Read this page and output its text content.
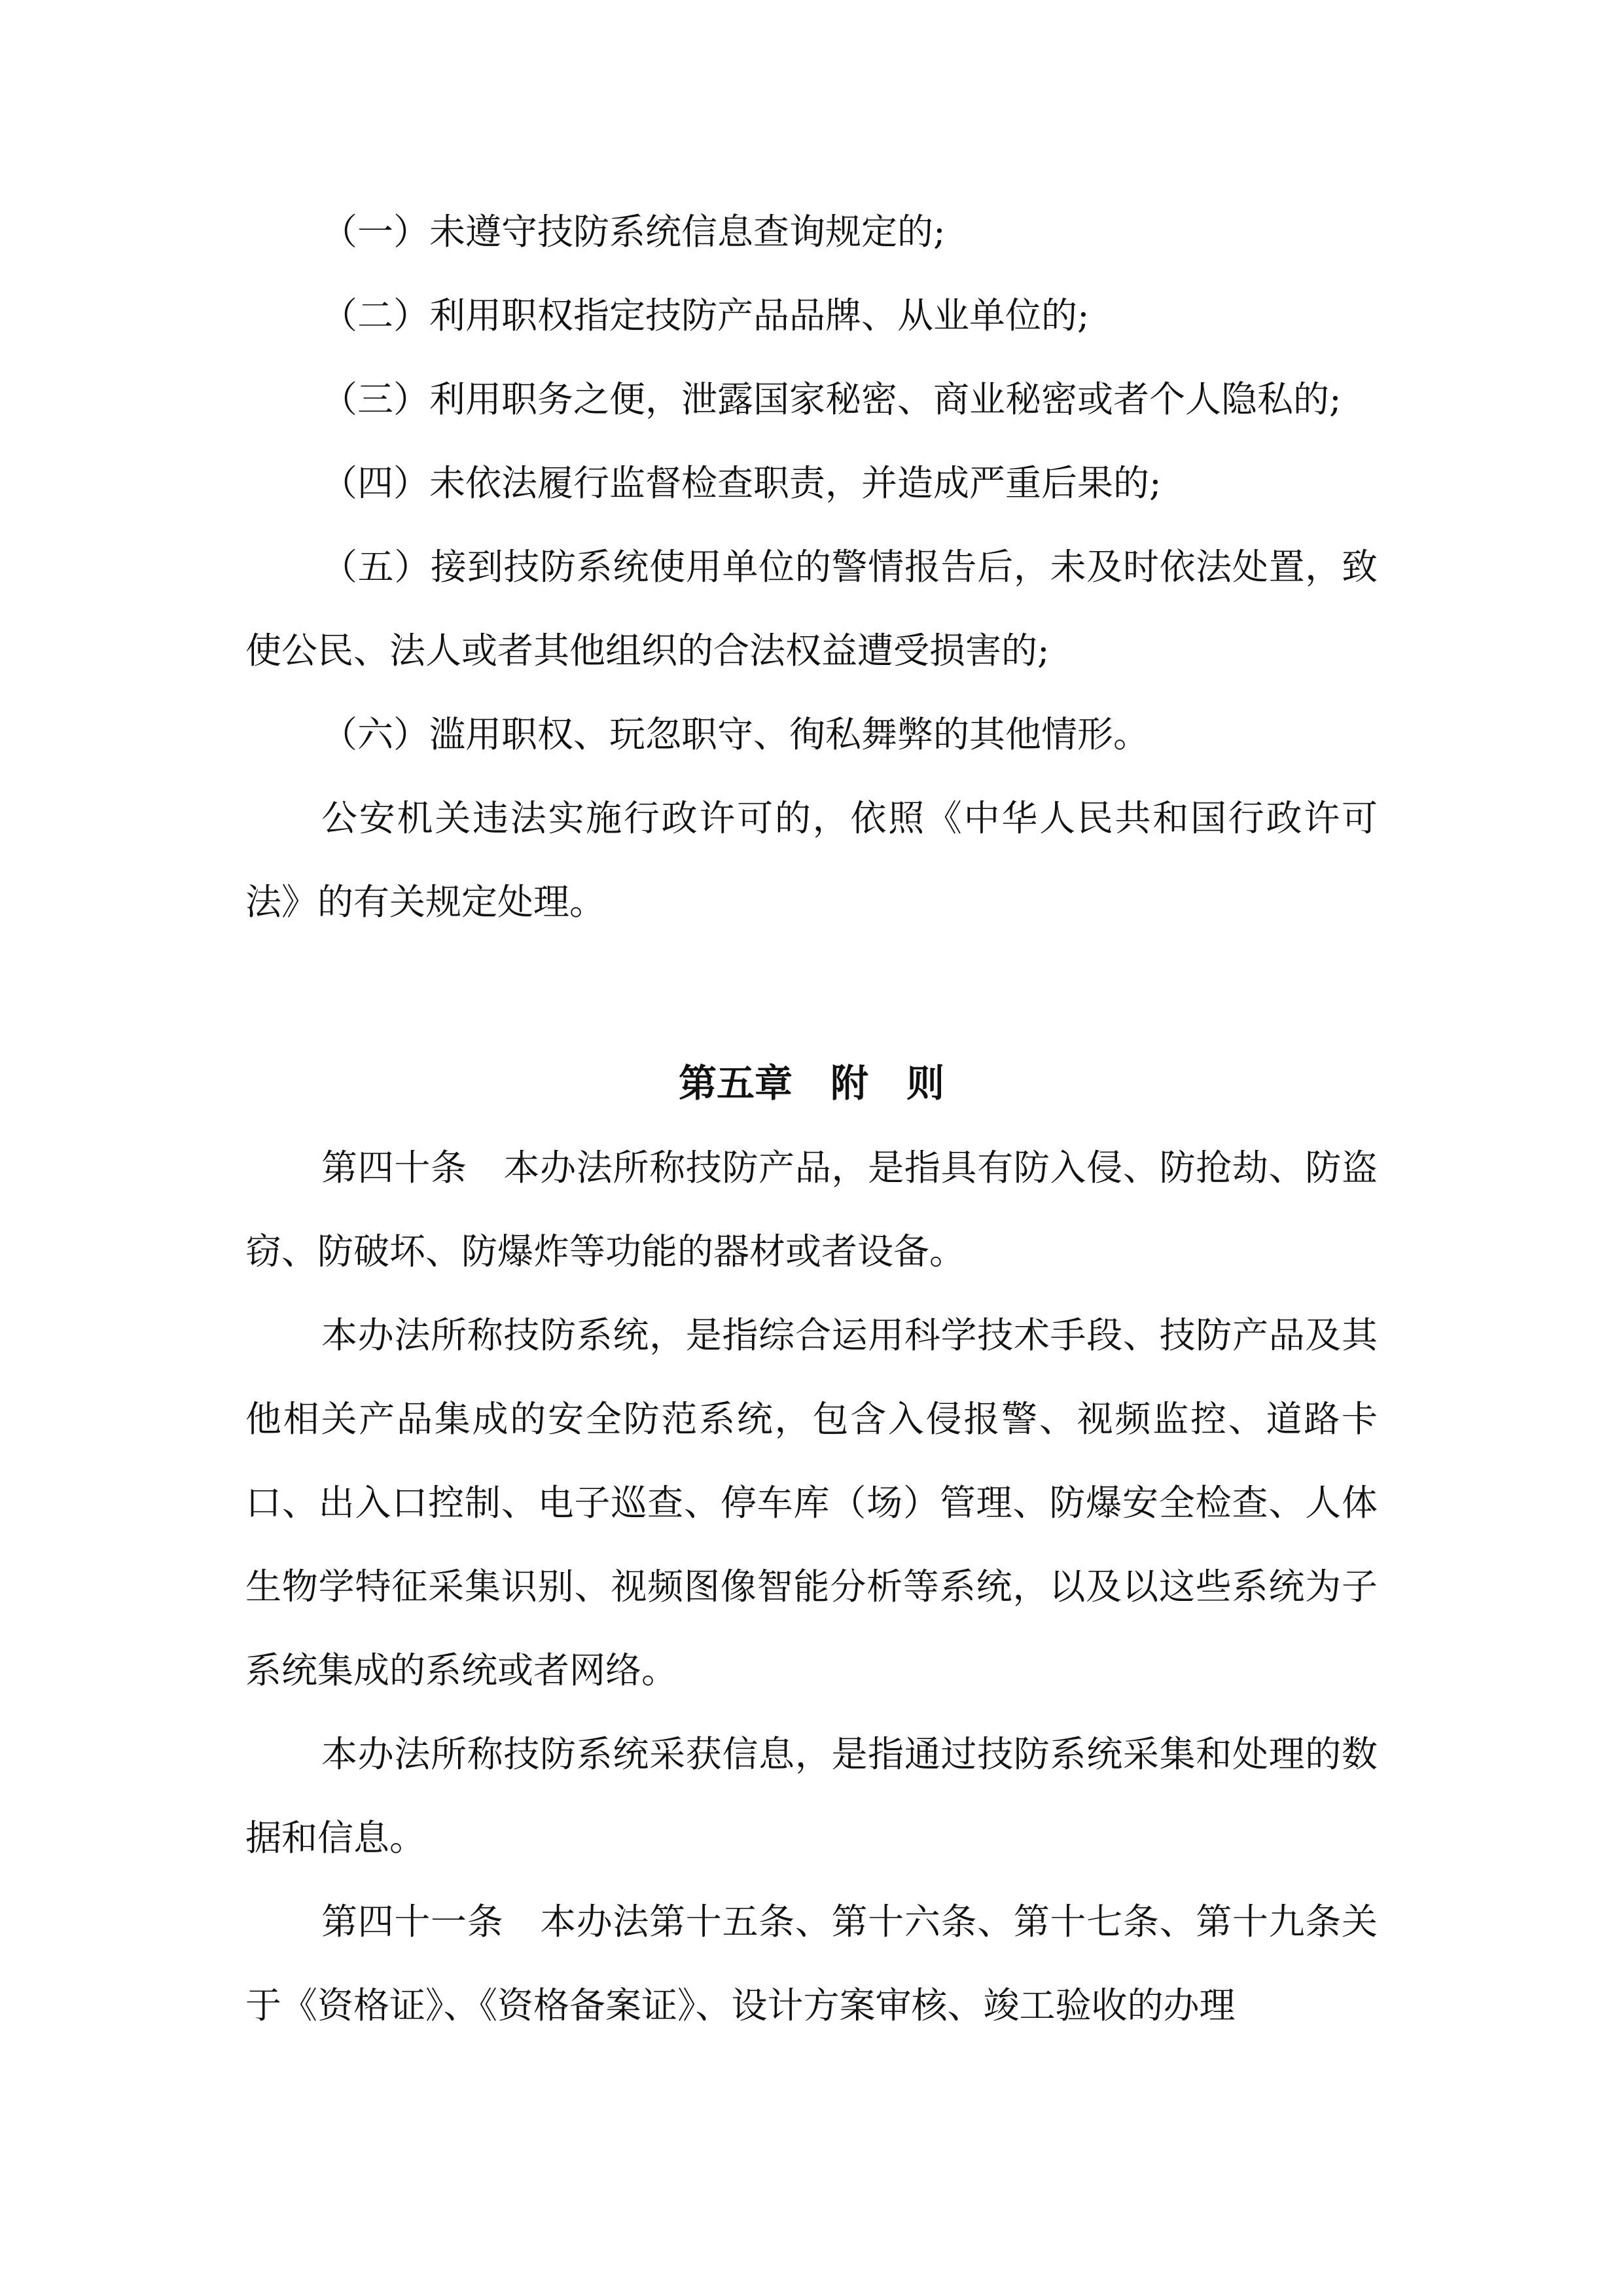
（一）未遵守技防系统信息查询规定的;

（二）利用职权指定技防产品品牌、从业单位的;

（三）利用职务之便，泄露国家秘密、商业秘密或者个人隐私的;

（四）未依法履行监督检查职责，并造成严重后果的;

（五）接到技防系统使用单位的警情报告后，未及时依法处置，致使公民、法人或者其他组织的合法权益遭受损害的;

（六）滥用职权、玩忽职守、徇私舞弊的其他情形。

公安机关违法实施行政许可的，依照《中华人民共和国行政许可法》的有关规定处理。

第五章　附　则

第四十条　本办法所称技防产品，是指具有防入侵、防抢劫、防盗窃、防破坏、防爆炸等功能的器材或者设备。

本办法所称技防系统，是指综合运用科学技术手段、技防产品及其他相关产品集成的安全防范系统，包含入侵报警、视频监控、道路卡口、出入口控制、电子巡查、停车库（场）管理、防爆安全检查、人体生物学特征采集识别、视频图像智能分析等系统，以及以这些系统为子系统集成的系统或者网络。

本办法所称技防系统采获信息，是指通过技防系统采集和处理的数据和信息。

第四十一条　本办法第十五条、第十六条、第十七条、第十九条关于《资格证》、《资格备案证》、设计方案审核、竣工验收的办理
